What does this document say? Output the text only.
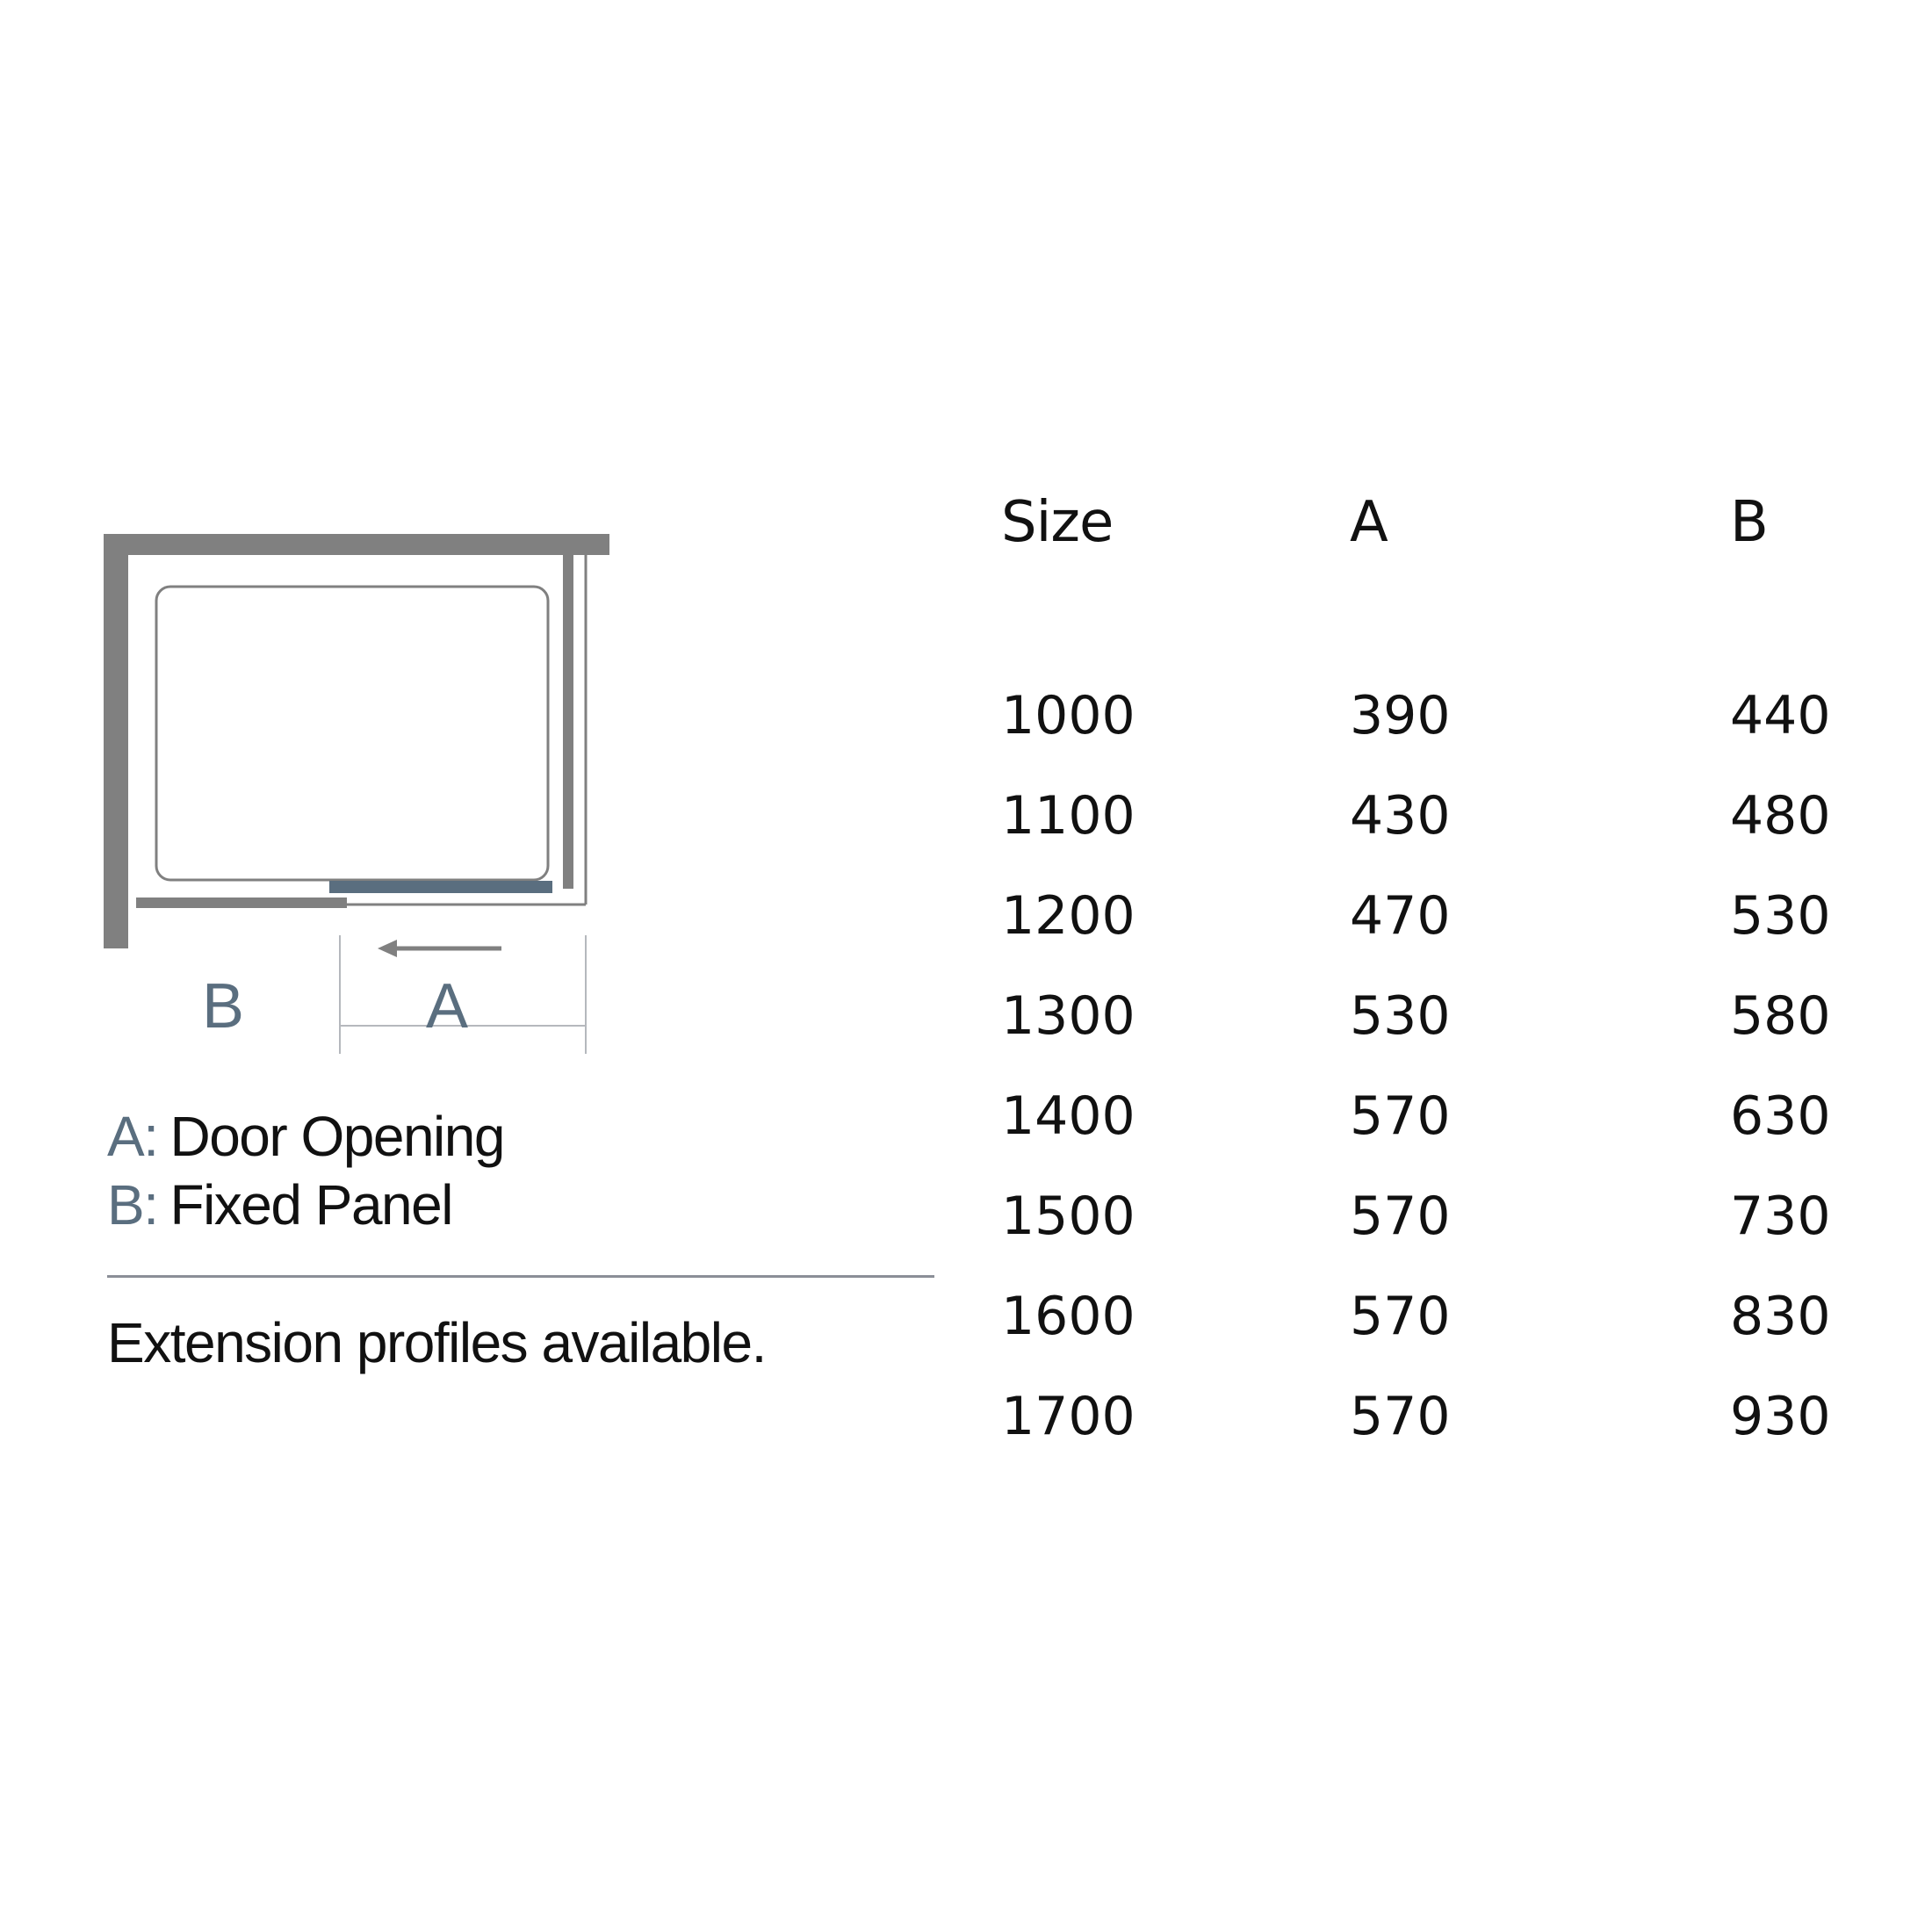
B	A
A: Door Opening
B: Fixed Panel
Extension profiles available.
Size	A	B
1000	390	440
1100	430	480
1200	470	530
1300	530	580
1400	570	630
1500	570	730
1600	570	830
1700	570	930
